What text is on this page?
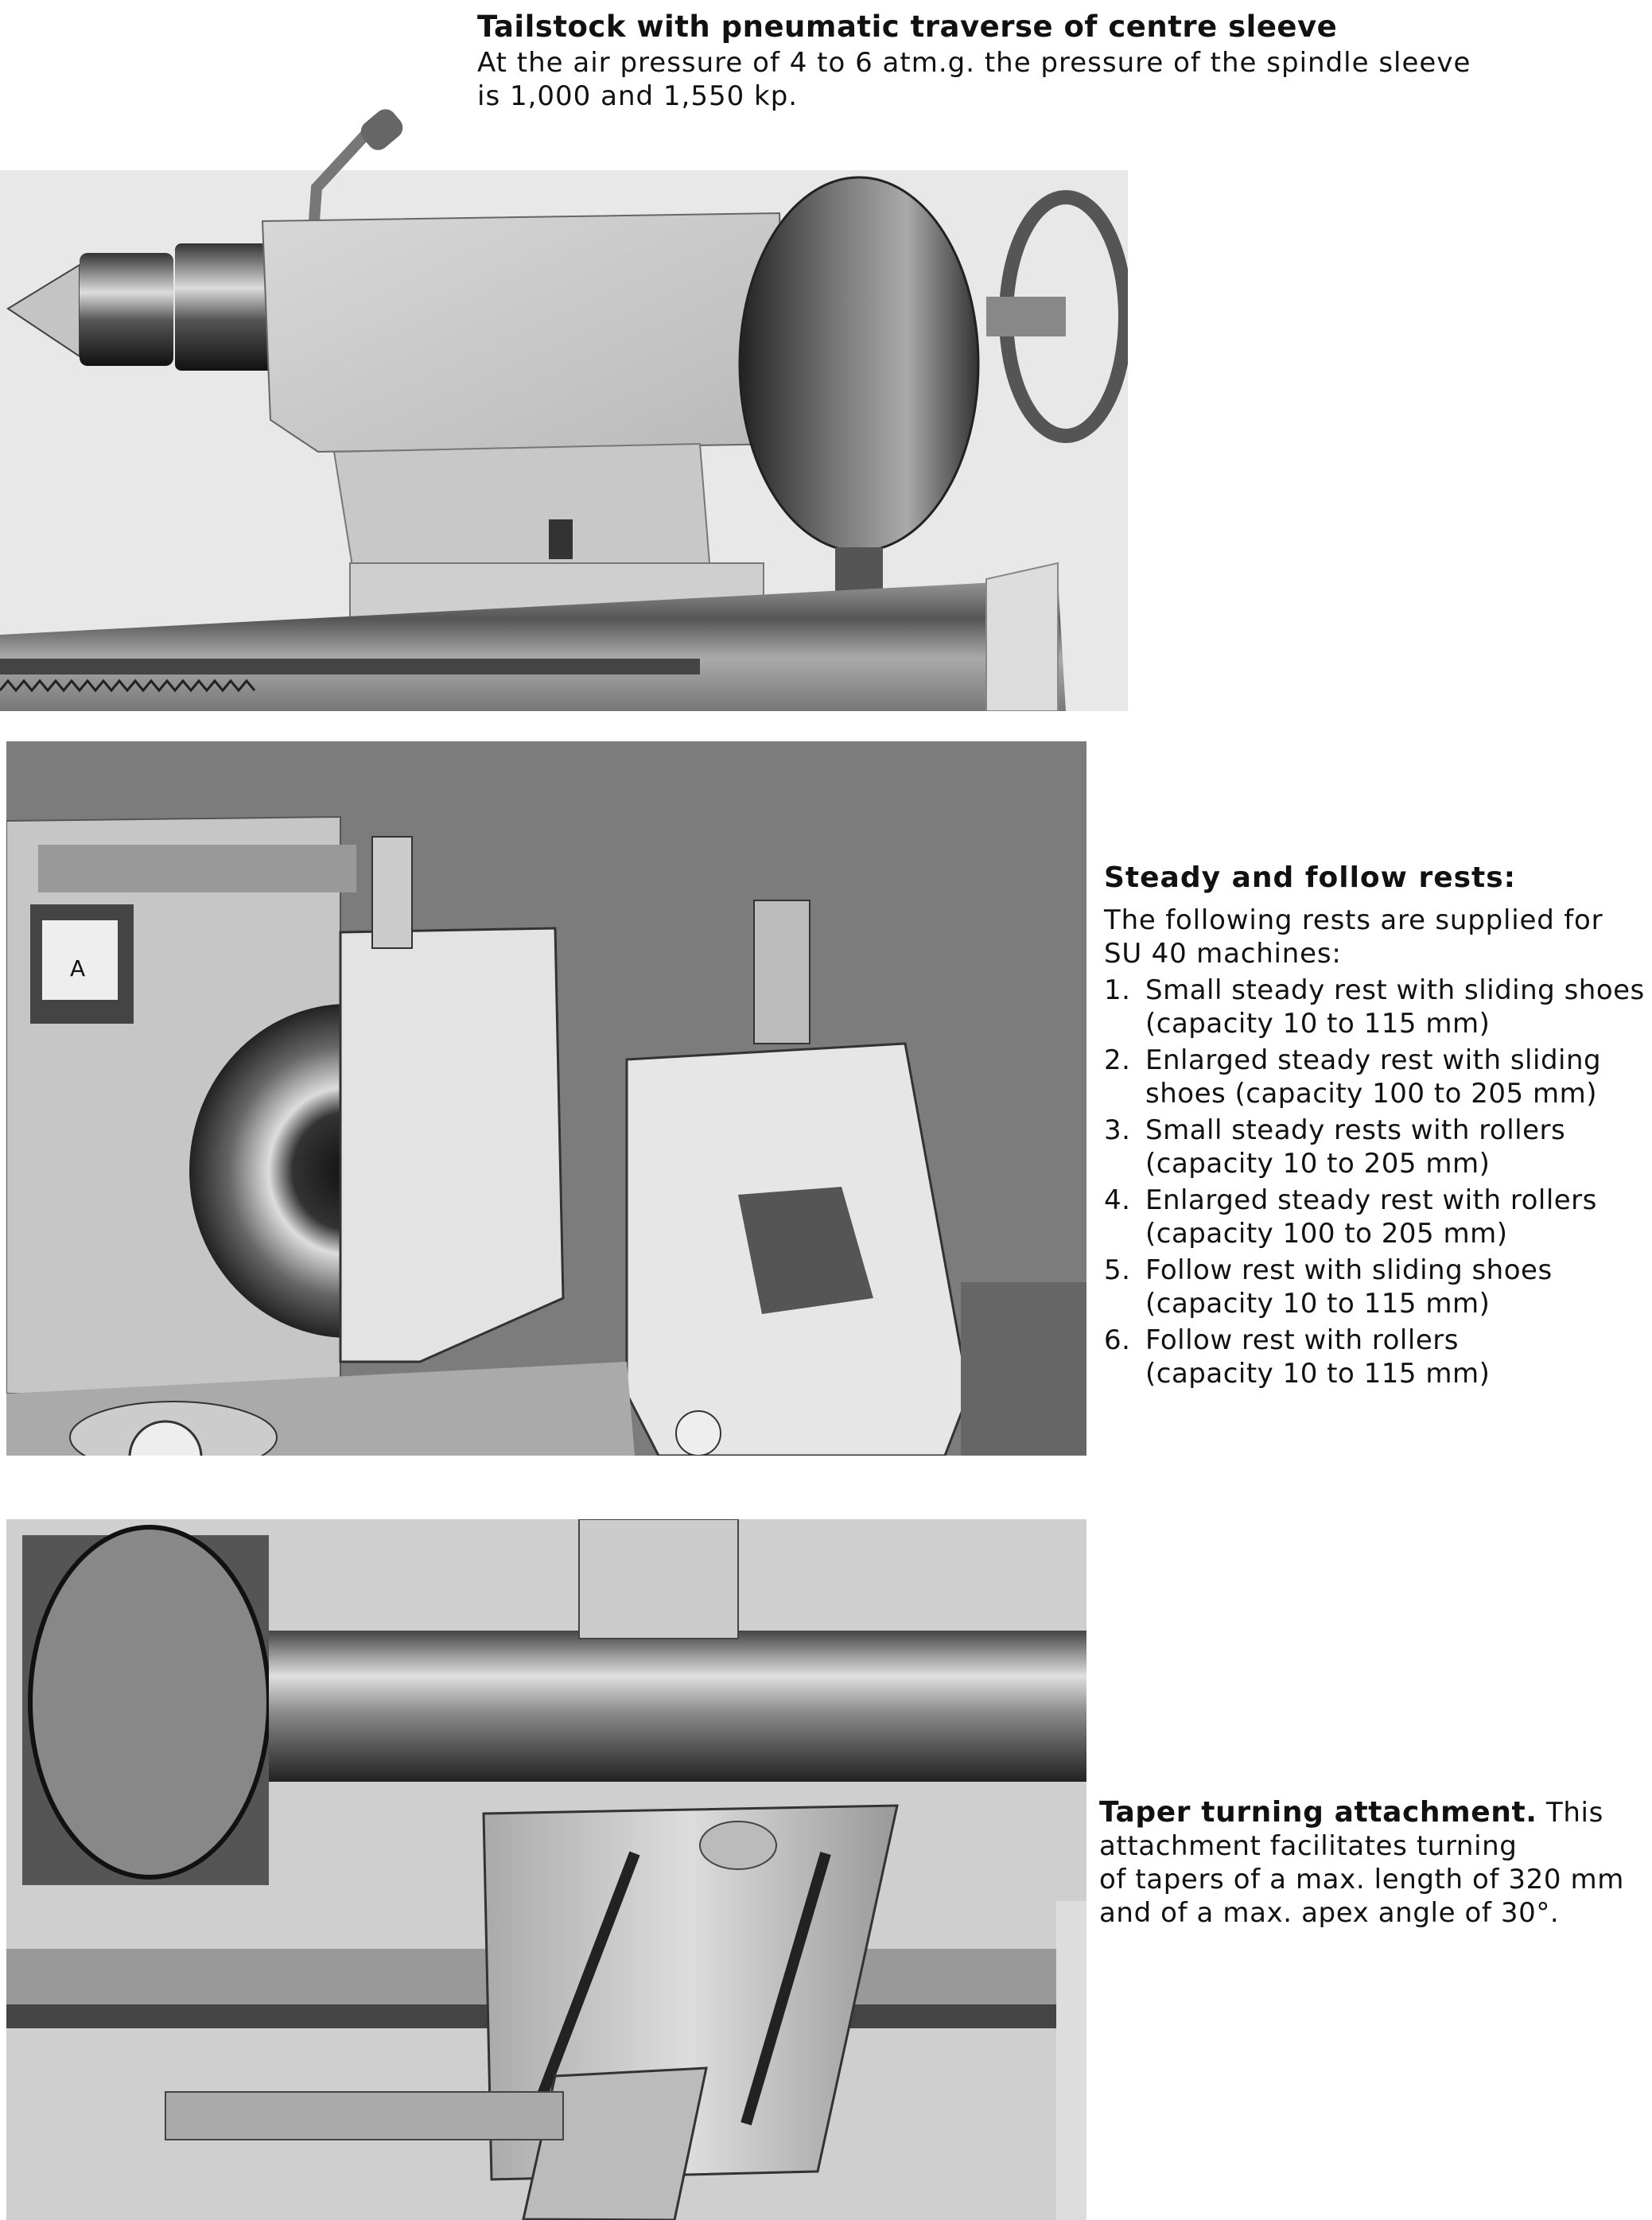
Tailstock with pneumatic traverse of centre sleeve
At the air pressure of 4 to 6 atm.g. the pressure of the spindle sleeve
is 1,000 and 1,550 kp.
A
Steady and follow rests:
The following rests are supplied for
SU 40 machines:
1. Small steady rest with sliding shoes
(capacity 10 to 115 mm)
2. Enlarged steady rest with sliding
shoes (capacity 100 to 205 mm)
3. Small steady rests with rollers
(capacity 10 to 205 mm)
4. Enlarged steady rest with rollers
(capacity 100 to 205 mm)
5. Follow rest with sliding shoes
(capacity 10 to 115 mm)
6. Follow rest with rollers
(capacity 10 to 115 mm)
Taper turning attachment. This
attachment facilitates turning
of tapers of a max. length of 320 mm
and of a max. apex angle of 30°.
